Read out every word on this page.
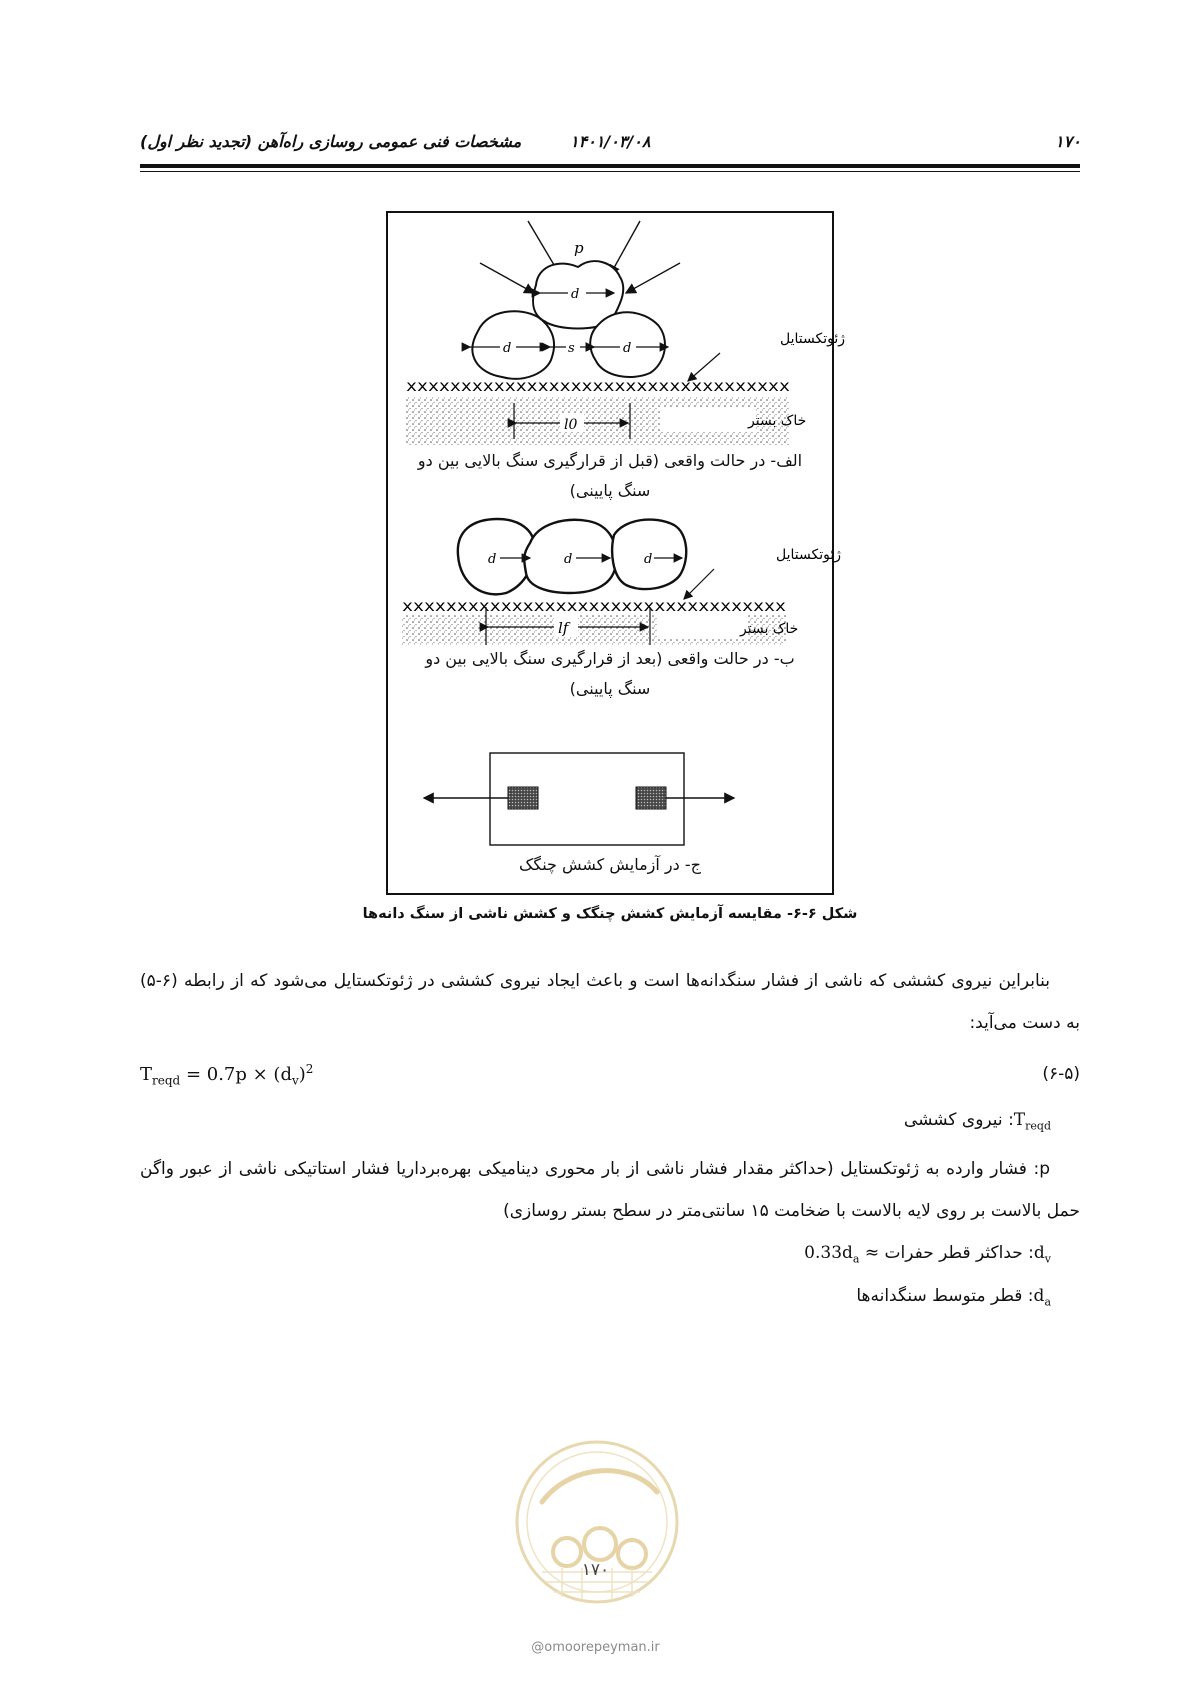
مشخصات فنی عمومی روسازی راه‌آهن (تجدید نظر اول)	۱۴۰۱/۰۳/۰۸	۱۷۰
p
d
d	s	d
ژئوتکستایل
xxxxxxxxxxxxxxxxxxxxxxxxxxxxxxxxxxx
خاک بستر
l0
d	d	d	ژئوتکستایل
xxxxxxxxxxxxxxxxxxxxxxxxxxxxxxxxxxx
خاک بستر
lf
الف- در حالت واقعی (قبل از قرارگیری سنگ بالایی بین دو
سنگ پایینی)
ب- در حالت واقعی (بعد از قرارگیری سنگ بالایی بین دو
سنگ پایینی)
ج- در آزمایش کشش چنگک
شکل ۶-۶- مقایسه آزمایش کشش چنگک و کشش ناشی از سنگ دانه‌ها
بنابراین نیروی کششی که ناشی از فشار سنگدانه‌ها است و باعث ایجاد نیروی کششی در ژئوتکستایل می‌شود که از رابطه (۶-۵) به دست می‌آید:
$T_{reqd} = 0.7p \times (d_v)^2$	(۶-۵)
$T_{reqd}$: نیروی کششی
p: فشار وارده به ژئوتکستایل (حداکثر مقدار فشار ناشی از بار محوری دینامیکی بهره‌برداریا فشار استاتیکی ناشی از عبور واگن حمل بالاست بر روی لایه بالاست با ضخامت ۱۵ سانتی‌متر در سطح بستر روسازی)
$d_v$: حداکثر قطر حفرات ≈ $0.33d_a$
$d_a$: قطر متوسط سنگدانه‌ها
۱۷۰
@omoorepeyman.ir
